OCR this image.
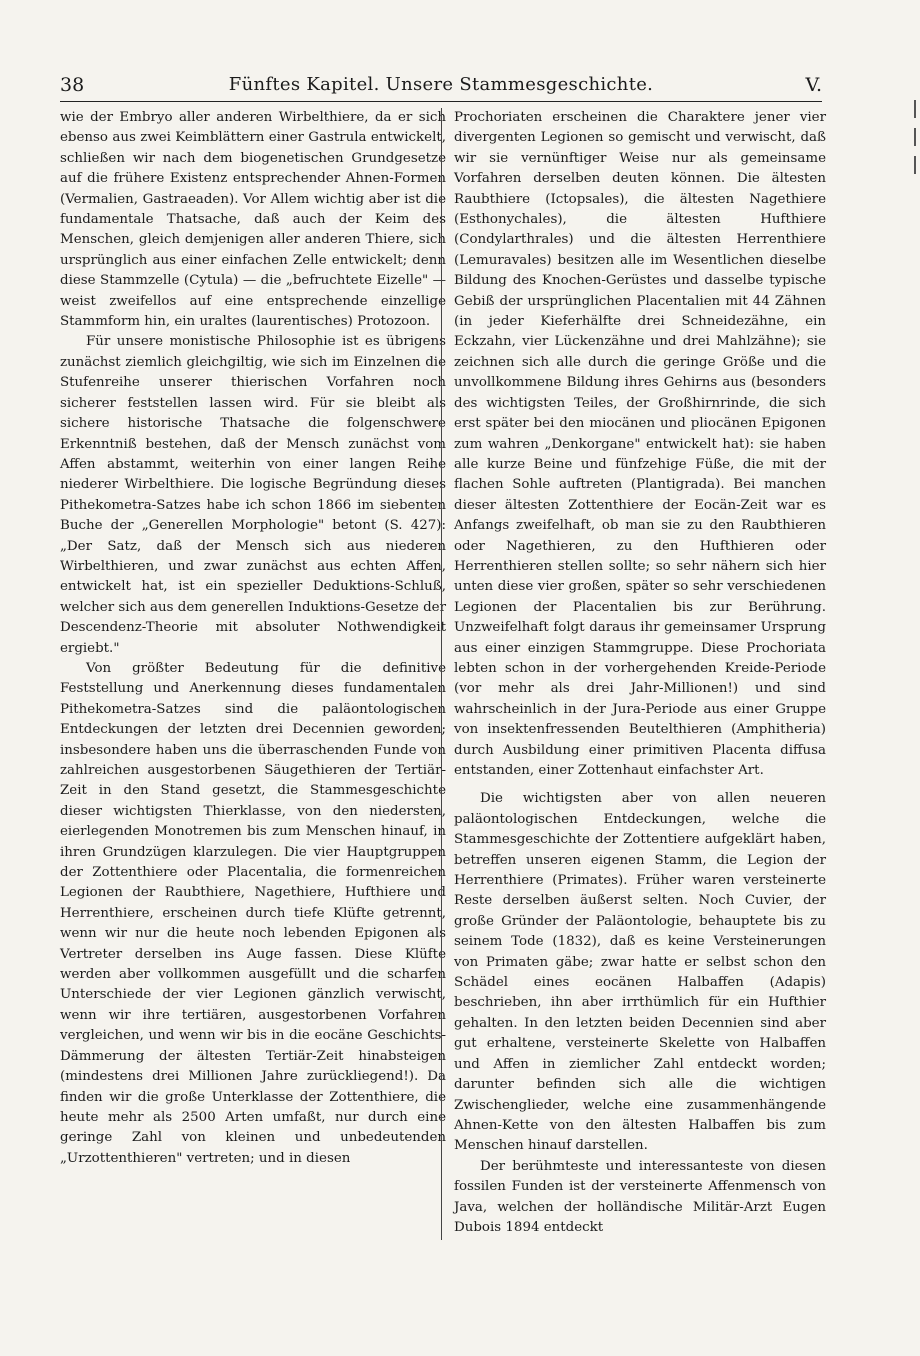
38	Fünftes Kapitel. Unsere Stammesgeschichte.	V.

wie der Embryo aller anderen Wirbelthiere, da er sich ebenso aus zwei Keimblättern einer Gastrula entwickelt, schließen wir nach dem biogenetischen Grundgesetze auf die frühere Existenz entsprechender Ahnen-Formen (Vermalien, Gastraeaden). Vor Allem wichtig aber ist die fundamentale Thatsache, daß auch der Keim des Menschen, gleich demjenigen aller anderen Thiere, sich ursprünglich aus einer einfachen Zelle entwickelt; denn diese Stammzelle (Cytula) — die „befruchtete Eizelle" — weist zweifellos auf eine entsprechende einzellige Stammform hin, ein uraltes (laurentisches) Protozoon.

Für unsere monistische Philosophie ist es übrigens zunächst ziemlich gleichgiltig, wie sich im Einzelnen die Stufenreihe unserer thierischen Vorfahren noch sicherer feststellen lassen wird. Für sie bleibt als sichere historische Thatsache die folgenschwere Erkenntniß bestehen, daß der Mensch zunächst vom Affen abstammt, weiterhin von einer langen Reihe niederer Wirbelthiere. Die logische Begründung dieses Pithekometra-Satzes habe ich schon 1866 im siebenten Buche der „Generellen Morphologie" betont (S. 427): „Der Satz, daß der Mensch sich aus niederen Wirbelthieren, und zwar zunächst aus echten Affen, entwickelt hat, ist ein spezieller Deduktions-Schluß, welcher sich aus dem generellen Induktions-Gesetze der Descendenz-Theorie mit absoluter Nothwendigkeit ergiebt."

Von größter Bedeutung für die definitive Feststellung und Anerkennung dieses fundamentalen Pithekometra-Satzes sind die paläontologischen Entdeckungen der letzten drei Decennien geworden; insbesondere haben uns die überraschenden Funde von zahlreichen ausgestorbenen Säugethieren der Tertiär-Zeit in den Stand gesetzt, die Stammesgeschichte dieser wichtigsten Thierklasse, von den niedersten, eierlegenden Monotremen bis zum Menschen hinauf, in ihren Grundzügen klarzulegen. Die vier Hauptgruppen der Zottenthiere oder Placentalia, die formenreichen Legionen der Raubthiere, Nagethiere, Hufthiere und Herrenthiere, erscheinen durch tiefe Klüfte getrennt, wenn wir nur die heute noch lebenden Epigonen als Vertreter derselben ins Auge fassen. Diese Klüfte werden aber vollkommen ausgefüllt und die scharfen Unterschiede der vier Legionen gänzlich verwischt, wenn wir ihre tertiären, ausgestorbenen Vorfahren vergleichen, und wenn wir bis in die eocäne Geschichts-Dämmerung der ältesten Tertiär-Zeit hinabsteigen (mindestens drei Millionen Jahre zurückliegend!). Da finden wir die große Unterklasse der Zottenthiere, die heute mehr als 2500 Arten umfaßt, nur durch eine geringe Zahl von kleinen und unbedeutenden „Urzottenthieren" vertreten; und in diesen

Prochoriaten erscheinen die Charaktere jener vier divergenten Legionen so gemischt und verwischt, daß wir sie vernünftiger Weise nur als gemeinsame Vorfahren derselben deuten können. Die ältesten Raubthiere (Ictopsales), die ältesten Nagethiere (Esthonychales), die ältesten Hufthiere (Condylarthrales) und die ältesten Herrenthiere (Lemuravales) besitzen alle im Wesentlichen dieselbe Bildung des Knochen-Gerüstes und dasselbe typische Gebiß der ursprünglichen Placentalien mit 44 Zähnen (in jeder Kieferhälfte drei Schneidezähne, ein Eckzahn, vier Lückenzähne und drei Mahlzähne); sie zeichnen sich alle durch die geringe Größe und die unvollkommene Bildung ihres Gehirns aus (besonders des wichtigsten Teiles, der Großhirnrinde, die sich erst später bei den miocänen und pliocänen Epigonen zum wahren „Denkorgane" entwickelt hat): sie haben alle kurze Beine und fünfzehige Füße, die mit der flachen Sohle auftreten (Plantigrada). Bei manchen dieser ältesten Zottenthiere der Eocän-Zeit war es Anfangs zweifelhaft, ob man sie zu den Raubthieren oder Nagethieren, zu den Hufthieren oder Herrenthieren stellen sollte; so sehr nähern sich hier unten diese vier großen, später so sehr verschiedenen Legionen der Placentalien bis zur Berührung. Unzweifelhaft folgt daraus ihr gemeinsamer Ursprung aus einer einzigen Stammgruppe. Diese Prochoriata lebten schon in der vorhergehenden Kreide-Periode (vor mehr als drei Jahr-Millionen!) und sind wahrscheinlich in der Jura-Periode aus einer Gruppe von insektenfressenden Beutelthieren (Amphitheria) durch Ausbildung einer primitiven Placenta diffusa entstanden, einer Zottenhaut einfachster Art.

Die wichtigsten aber von allen neueren paläontologischen Entdeckungen, welche die Stammesgeschichte der Zottentiere aufgeklärt haben, betreffen unseren eigenen Stamm, die Legion der Herrenthiere (Primates). Früher waren versteinerte Reste derselben äußerst selten. Noch Cuvier, der große Gründer der Paläontologie, behauptete bis zu seinem Tode (1832), daß es keine Versteinerungen von Primaten gäbe; zwar hatte er selbst schon den Schädel eines eocänen Halbaffen (Adapis) beschrieben, ihn aber irrthümlich für ein Hufthier gehalten. In den letzten beiden Decennien sind aber gut erhaltene, versteinerte Skelette von Halbaffen und Affen in ziemlicher Zahl entdeckt worden; darunter befinden sich alle die wichtigen Zwischenglieder, welche eine zusammenhängende Ahnen-Kette von den ältesten Halbaffen bis zum Menschen hinauf darstellen.

Der berühmteste und interessanteste von diesen fossilen Funden ist der versteinerte Affenmensch von Java, welchen der holländische Militär-Arzt Eugen Dubois 1894 entdeckt
